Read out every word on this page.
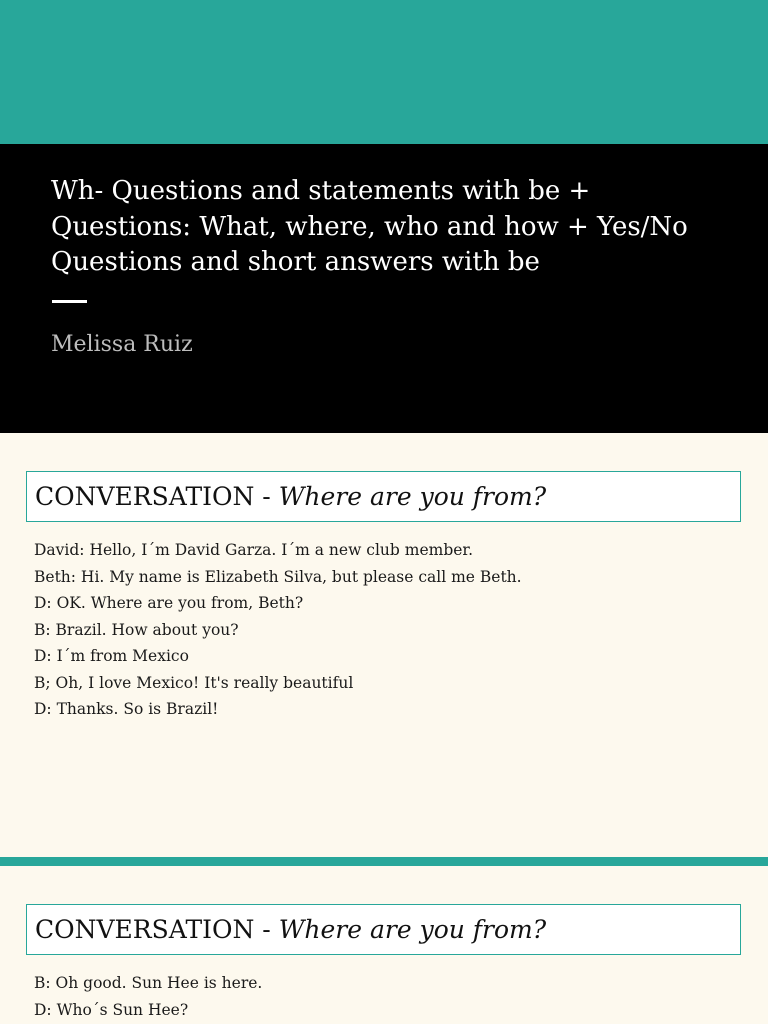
Wh- Questions and statements with be +
Questions: What, where, who and how + Yes/No
Questions and short answers with be
Melissa Ruiz
CONVERSATION - Where are you from?
David: Hello, I´m David Garza. I´m a new club member.
Beth: Hi. My name is Elizabeth Silva, but please call me Beth.
D: OK. Where are you from, Beth?
B: Brazil. How about you?
D: I´m from Mexico
B; Oh, I love Mexico! It's really beautiful
D: Thanks. So is Brazil!
CONVERSATION - Where are you from?
B: Oh good. Sun Hee is here.
D: Who´s Sun Hee?
